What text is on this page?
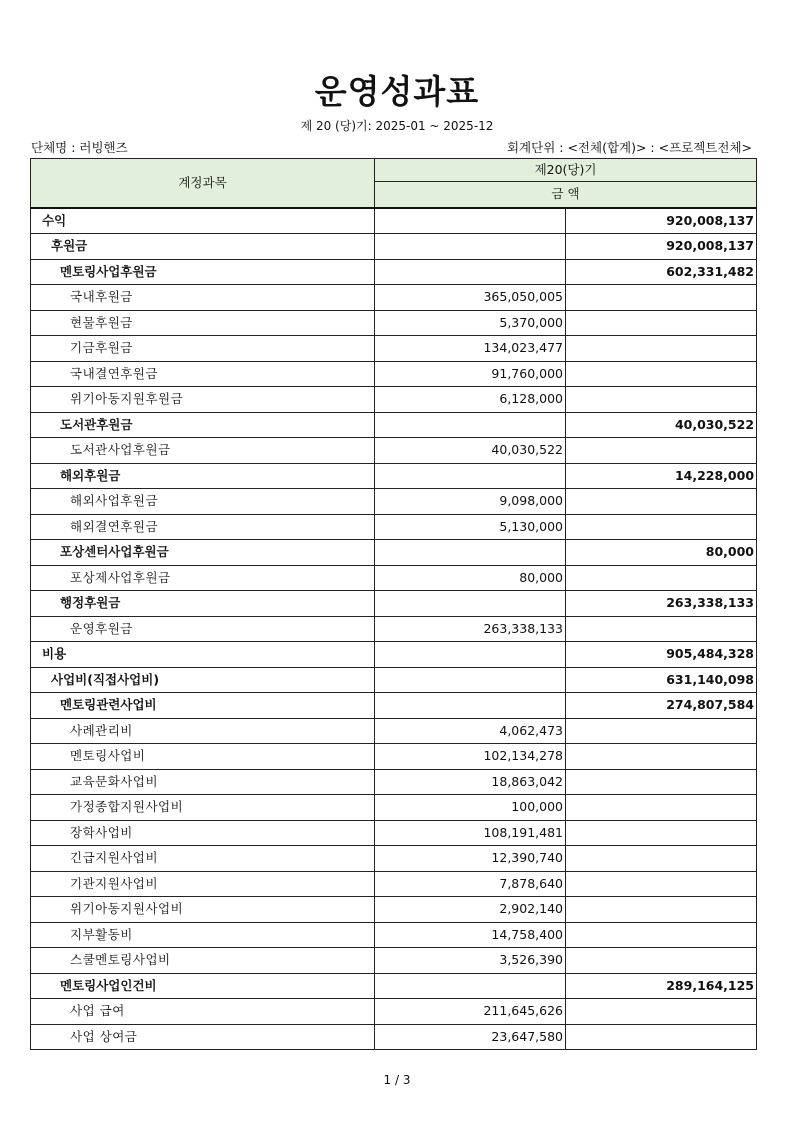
운영성과표
제 20 (당)기: 2025-01 ~ 2025-12
단체명 : 러빙핸즈	회계단위 : <전체(합계)> : <프로젝트전체>
계정과목	제20(당)기	
	금 액	
수익		920,008,137
후원금		920,008,137
멘토링사업후원금		602,331,482
국내후원금	365,050,005	
현물후원금	5,370,000	
기금후원금	134,023,477	
국내결연후원금	91,760,000	
위기아동지원후원금	6,128,000	
도서관후원금		40,030,522
도서관사업후원금	40,030,522	
해외후원금		14,228,000
해외사업후원금	9,098,000	
해외결연후원금	5,130,000	
포상센터사업후원금		80,000
포상제사업후원금	80,000	
행정후원금		263,338,133
운영후원금	263,338,133	
비용		905,484,328
사업비(직접사업비)		631,140,098
멘토링관련사업비		274,807,584
사례관리비	4,062,473	
멘토링사업비	102,134,278	
교육문화사업비	18,863,042	
가정종합지원사업비	100,000	
장학사업비	108,191,481	
긴급지원사업비	12,390,740	
기관지원사업비	7,878,640	
위기아동지원사업비	2,902,140	
지부활동비	14,758,400	
스쿨멘토링사업비	3,526,390	
멘토링사업인건비		289,164,125
사업 급여	211,645,626	
사업 상여금	23,647,580	
1 / 3
